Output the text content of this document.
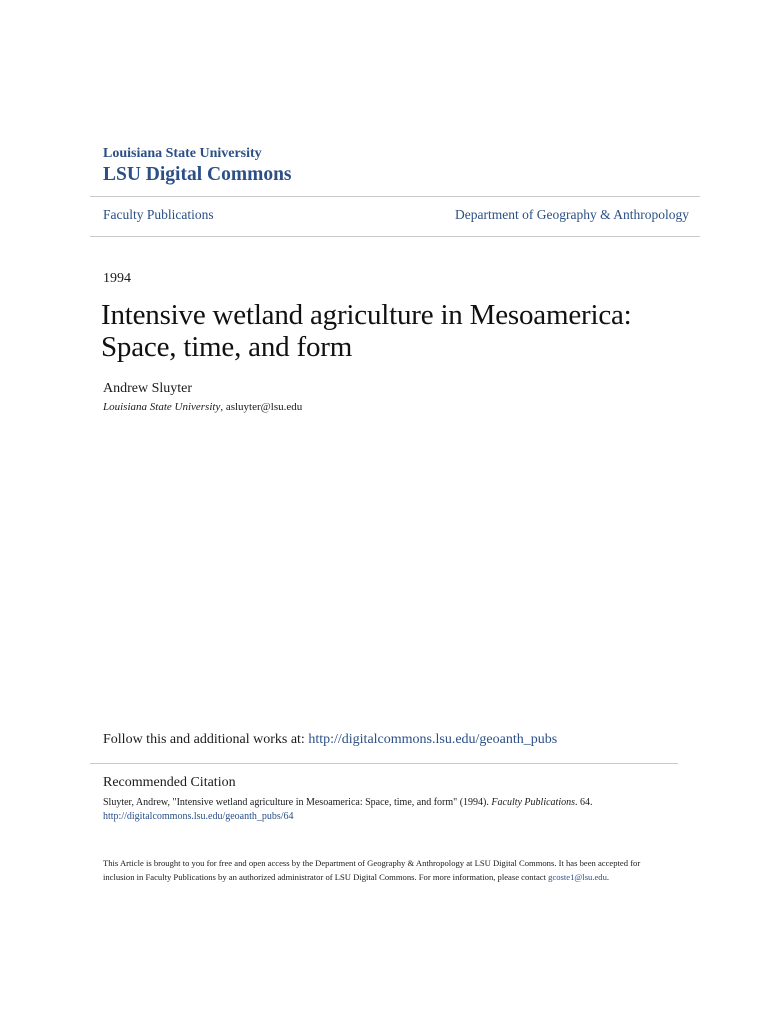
Louisiana State University
LSU Digital Commons
Faculty Publications	Department of Geography & Anthropology
1994
Intensive wetland agriculture in Mesoamerica:
Space, time, and form
Andrew Sluyter
Louisiana State University, asluyter@lsu.edu
Follow this and additional works at: http://digitalcommons.lsu.edu/geoanth_pubs
Recommended Citation
Sluyter, Andrew, "Intensive wetland agriculture in Mesoamerica: Space, time, and form" (1994). Faculty Publications. 64.
http://digitalcommons.lsu.edu/geoanth_pubs/64
This Article is brought to you for free and open access by the Department of Geography & Anthropology at LSU Digital Commons. It has been accepted for inclusion in Faculty Publications by an authorized administrator of LSU Digital Commons. For more information, please contact gcoste1@lsu.edu.
